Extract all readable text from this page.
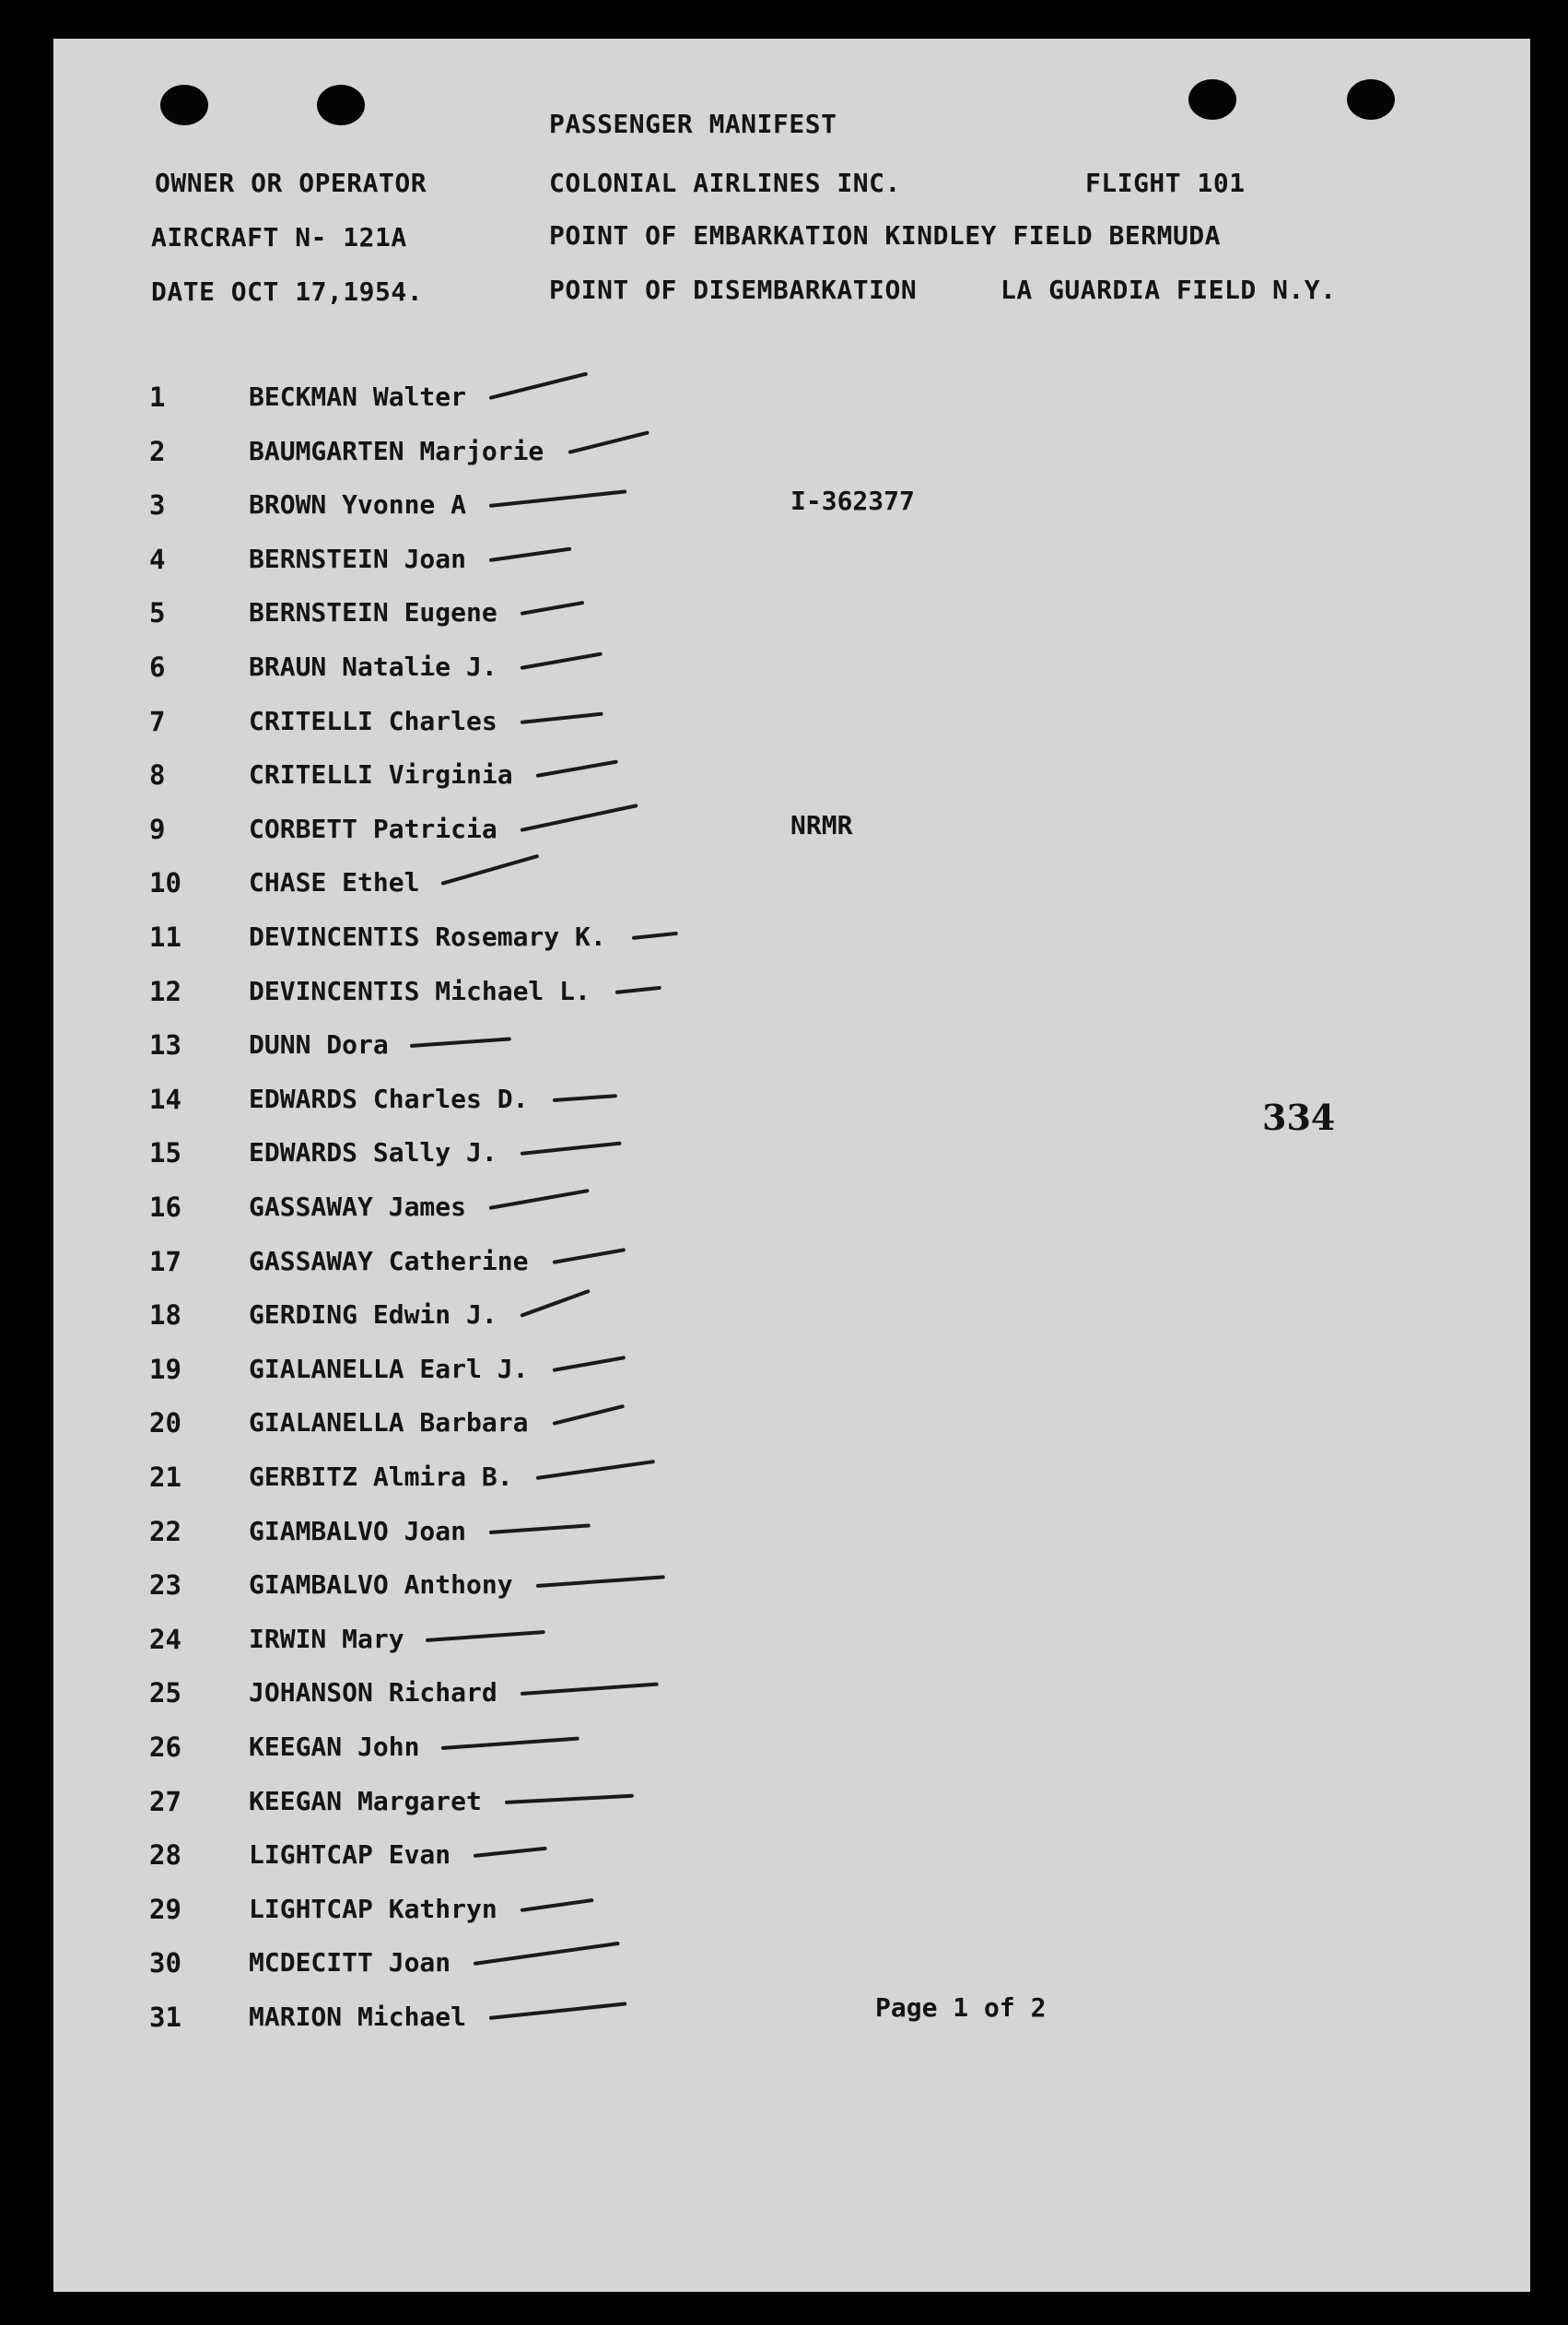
PASSENGER MANIFEST
OWNER OR OPERATOR	COLONIAL AIRLINES INC.	FLIGHT 101
AIRCRAFT N- 121A	POINT OF EMBARKATION KINDLEY FIELD BERMUDA
DATE OCT 17,1954.	POINT OF DISEMBARKATION	LA GUARDIA FIELD N.Y.
1	BECKMAN Walter
2	BAUMGARTEN Marjorie
3	BROWN Yvonne A	I-362377
4	BERNSTEIN Joan
5	BERNSTEIN Eugene
6	BRAUN Natalie J.
7	CRITELLI Charles
8	CRITELLI Virginia
9	CORBETT Patricia	NRMR
10	CHASE Ethel
11	DEVINCENTIS Rosemary K.
12	DEVINCENTIS Michael L.
13	DUNN Dora
14	EDWARDS Charles D.
15	EDWARDS Sally J.
16	GASSAWAY James
17	GASSAWAY Catherine
18	GERDING Edwin J.
19	GIALANELLA Earl J.
20	GIALANELLA Barbara
21	GERBITZ Almira B.
22	GIAMBALVO Joan
23	GIAMBALVO Anthony
24	IRWIN Mary
25	JOHANSON Richard
26	KEEGAN John
27	KEEGAN Margaret
28	LIGHTCAP Evan
29	LIGHTCAP Kathryn
30	MCDECITT Joan
31	MARION Michael
334
Page 1 of 2
